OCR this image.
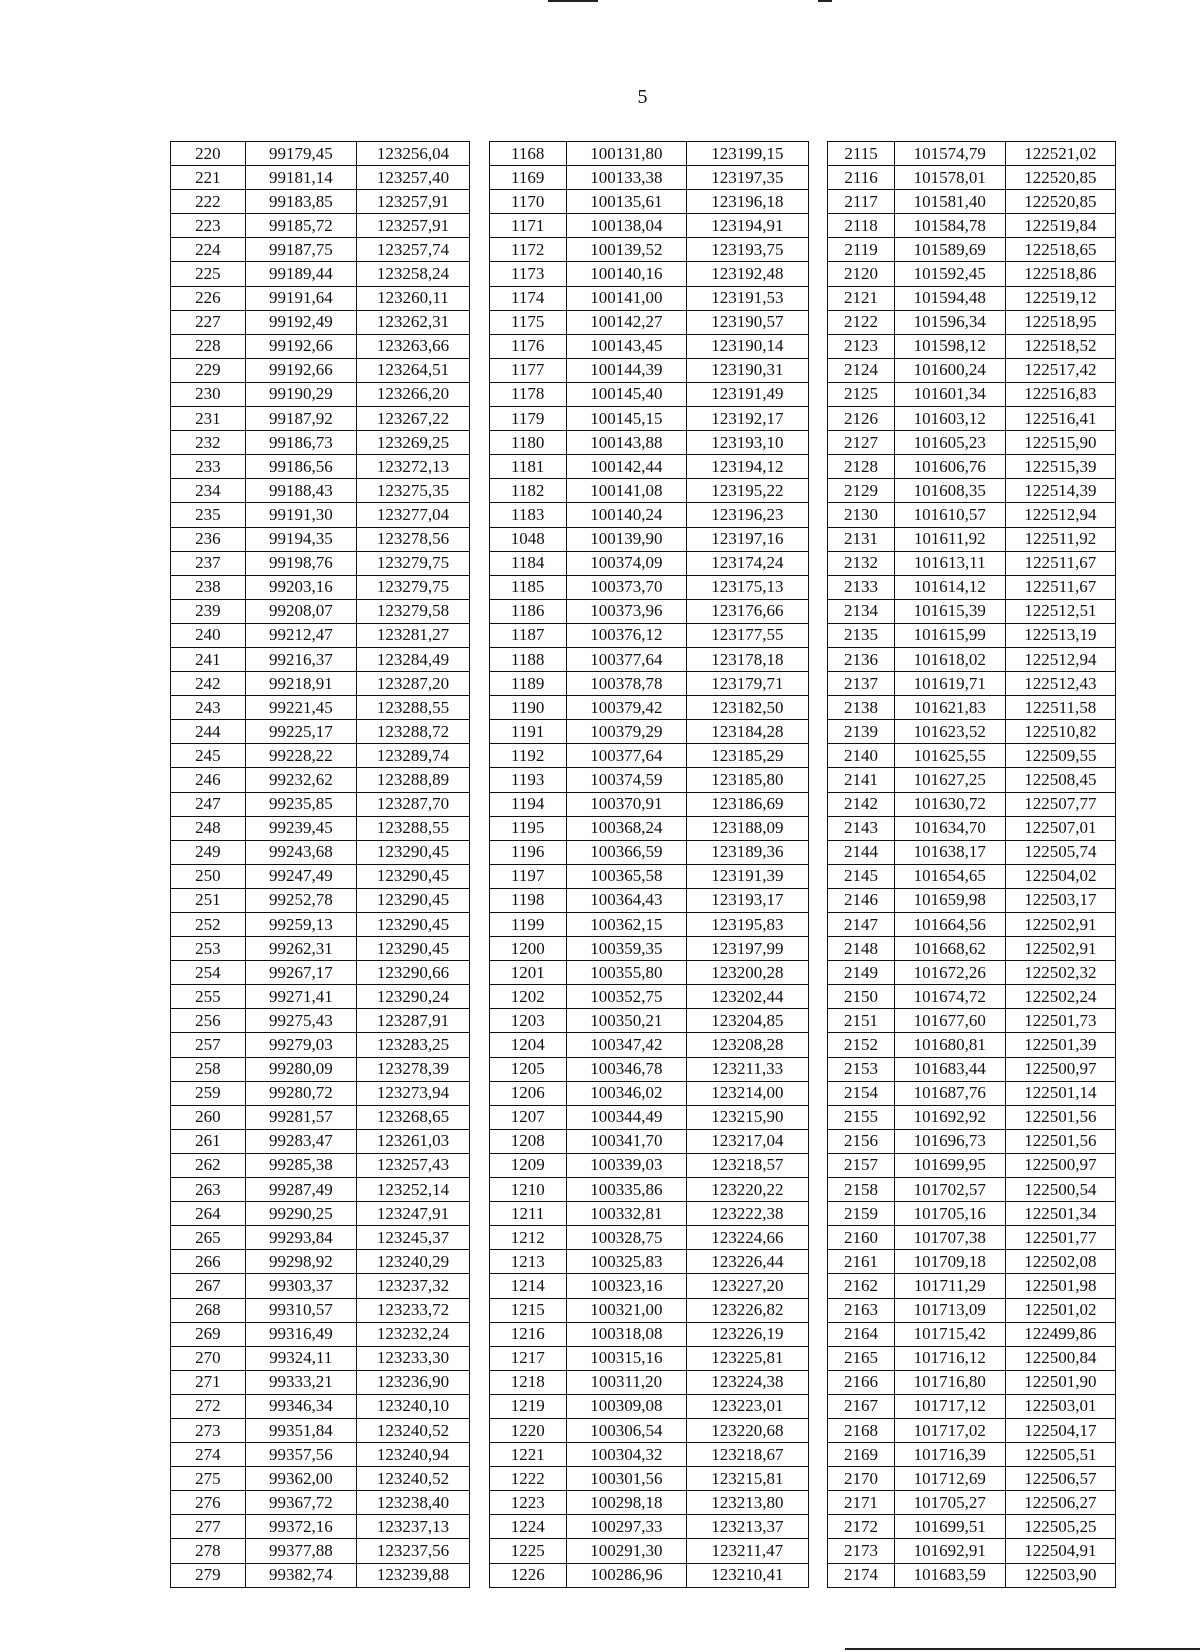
5
220	99179,45	123256,04		1168	100131,80	123199,15		2115	101574,79	122521,02
221	99181,14	123257,40		1169	100133,38	123197,35		2116	101578,01	122520,85
222	99183,85	123257,91		1170	100135,61	123196,18		2117	101581,40	122520,85
223	99185,72	123257,91		1171	100138,04	123194,91		2118	101584,78	122519,84
224	99187,75	123257,74		1172	100139,52	123193,75		2119	101589,69	122518,65
225	99189,44	123258,24		1173	100140,16	123192,48		2120	101592,45	122518,86
226	99191,64	123260,11		1174	100141,00	123191,53		2121	101594,48	122519,12
227	99192,49	123262,31		1175	100142,27	123190,57		2122	101596,34	122518,95
228	99192,66	123263,66		1176	100143,45	123190,14		2123	101598,12	122518,52
229	99192,66	123264,51		1177	100144,39	123190,31		2124	101600,24	122517,42
230	99190,29	123266,20		1178	100145,40	123191,49		2125	101601,34	122516,83
231	99187,92	123267,22		1179	100145,15	123192,17		2126	101603,12	122516,41
232	99186,73	123269,25		1180	100143,88	123193,10		2127	101605,23	122515,90
233	99186,56	123272,13		1181	100142,44	123194,12		2128	101606,76	122515,39
234	99188,43	123275,35		1182	100141,08	123195,22		2129	101608,35	122514,39
235	99191,30	123277,04		1183	100140,24	123196,23		2130	101610,57	122512,94
236	99194,35	123278,56		1048	100139,90	123197,16		2131	101611,92	122511,92
237	99198,76	123279,75		1184	100374,09	123174,24		2132	101613,11	122511,67
238	99203,16	123279,75		1185	100373,70	123175,13		2133	101614,12	122511,67
239	99208,07	123279,58		1186	100373,96	123176,66		2134	101615,39	122512,51
240	99212,47	123281,27		1187	100376,12	123177,55		2135	101615,99	122513,19
241	99216,37	123284,49		1188	100377,64	123178,18		2136	101618,02	122512,94
242	99218,91	123287,20		1189	100378,78	123179,71		2137	101619,71	122512,43
243	99221,45	123288,55		1190	100379,42	123182,50		2138	101621,83	122511,58
244	99225,17	123288,72		1191	100379,29	123184,28		2139	101623,52	122510,82
245	99228,22	123289,74		1192	100377,64	123185,29		2140	101625,55	122509,55
246	99232,62	123288,89		1193	100374,59	123185,80		2141	101627,25	122508,45
247	99235,85	123287,70		1194	100370,91	123186,69		2142	101630,72	122507,77
248	99239,45	123288,55		1195	100368,24	123188,09		2143	101634,70	122507,01
249	99243,68	123290,45		1196	100366,59	123189,36		2144	101638,17	122505,74
250	99247,49	123290,45		1197	100365,58	123191,39		2145	101654,65	122504,02
251	99252,78	123290,45		1198	100364,43	123193,17		2146	101659,98	122503,17
252	99259,13	123290,45		1199	100362,15	123195,83		2147	101664,56	122502,91
253	99262,31	123290,45		1200	100359,35	123197,99		2148	101668,62	122502,91
254	99267,17	123290,66		1201	100355,80	123200,28		2149	101672,26	122502,32
255	99271,41	123290,24		1202	100352,75	123202,44		2150	101674,72	122502,24
256	99275,43	123287,91		1203	100350,21	123204,85		2151	101677,60	122501,73
257	99279,03	123283,25		1204	100347,42	123208,28		2152	101680,81	122501,39
258	99280,09	123278,39		1205	100346,78	123211,33		2153	101683,44	122500,97
259	99280,72	123273,94		1206	100346,02	123214,00		2154	101687,76	122501,14
260	99281,57	123268,65		1207	100344,49	123215,90		2155	101692,92	122501,56
261	99283,47	123261,03		1208	100341,70	123217,04		2156	101696,73	122501,56
262	99285,38	123257,43		1209	100339,03	123218,57		2157	101699,95	122500,97
263	99287,49	123252,14		1210	100335,86	123220,22		2158	101702,57	122500,54
264	99290,25	123247,91		1211	100332,81	123222,38		2159	101705,16	122501,34
265	99293,84	123245,37		1212	100328,75	123224,66		2160	101707,38	122501,77
266	99298,92	123240,29		1213	100325,83	123226,44		2161	101709,18	122502,08
267	99303,37	123237,32		1214	100323,16	123227,20		2162	101711,29	122501,98
268	99310,57	123233,72		1215	100321,00	123226,82		2163	101713,09	122501,02
269	99316,49	123232,24		1216	100318,08	123226,19		2164	101715,42	122499,86
270	99324,11	123233,30		1217	100315,16	123225,81		2165	101716,12	122500,84
271	99333,21	123236,90		1218	100311,20	123224,38		2166	101716,80	122501,90
272	99346,34	123240,10		1219	100309,08	123223,01		2167	101717,12	122503,01
273	99351,84	123240,52		1220	100306,54	123220,68		2168	101717,02	122504,17
274	99357,56	123240,94		1221	100304,32	123218,67		2169	101716,39	122505,51
275	99362,00	123240,52		1222	100301,56	123215,81		2170	101712,69	122506,57
276	99367,72	123238,40		1223	100298,18	123213,80		2171	101705,27	122506,27
277	99372,16	123237,13		1224	100297,33	123213,37		2172	101699,51	122505,25
278	99377,88	123237,56		1225	100291,30	123211,47		2173	101692,91	122504,91
279	99382,74	123239,88		1226	100286,96	123210,41		2174	101683,59	122503,90
